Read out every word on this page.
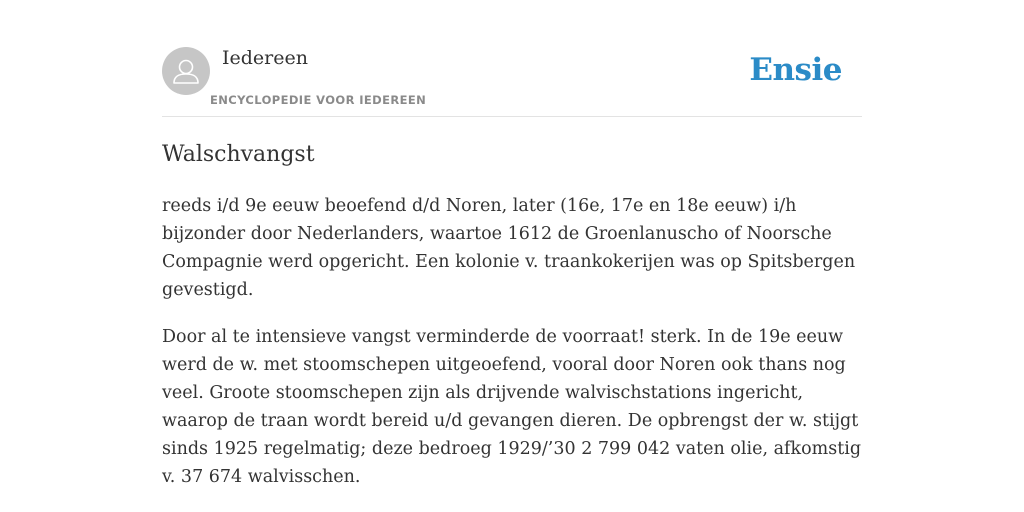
Iedereen
ENCYCLOPEDIE VOOR IEDEREEN
Ensie
Walschvangst

reeds i/d 9e eeuw beoefend d/d Noren, later (16e, 17e en 18e eeuw) i/h bijzonder door Nederlanders, waartoe 1612 de Groenlanuscho of Noorsche Compagnie werd opgericht. Een kolonie v. traankokerijen was op Spitsbergen gevestigd.

Door al te intensieve vangst verminderde de voorraat! sterk. In de 19e eeuw werd de w. met stoomschepen uitgeoefend, vooral door Noren ook thans nog veel. Groote stoomschepen zijn als drijvende walvischstations ingericht, waarop de traan wordt bereid u/d gevangen dieren. De opbrengst der w. stijgt sinds 1925 regelmatig; deze bedroeg 1929/’30 2 799 042 vaten olie, afkomstig v. 37 674 walvisschen.
